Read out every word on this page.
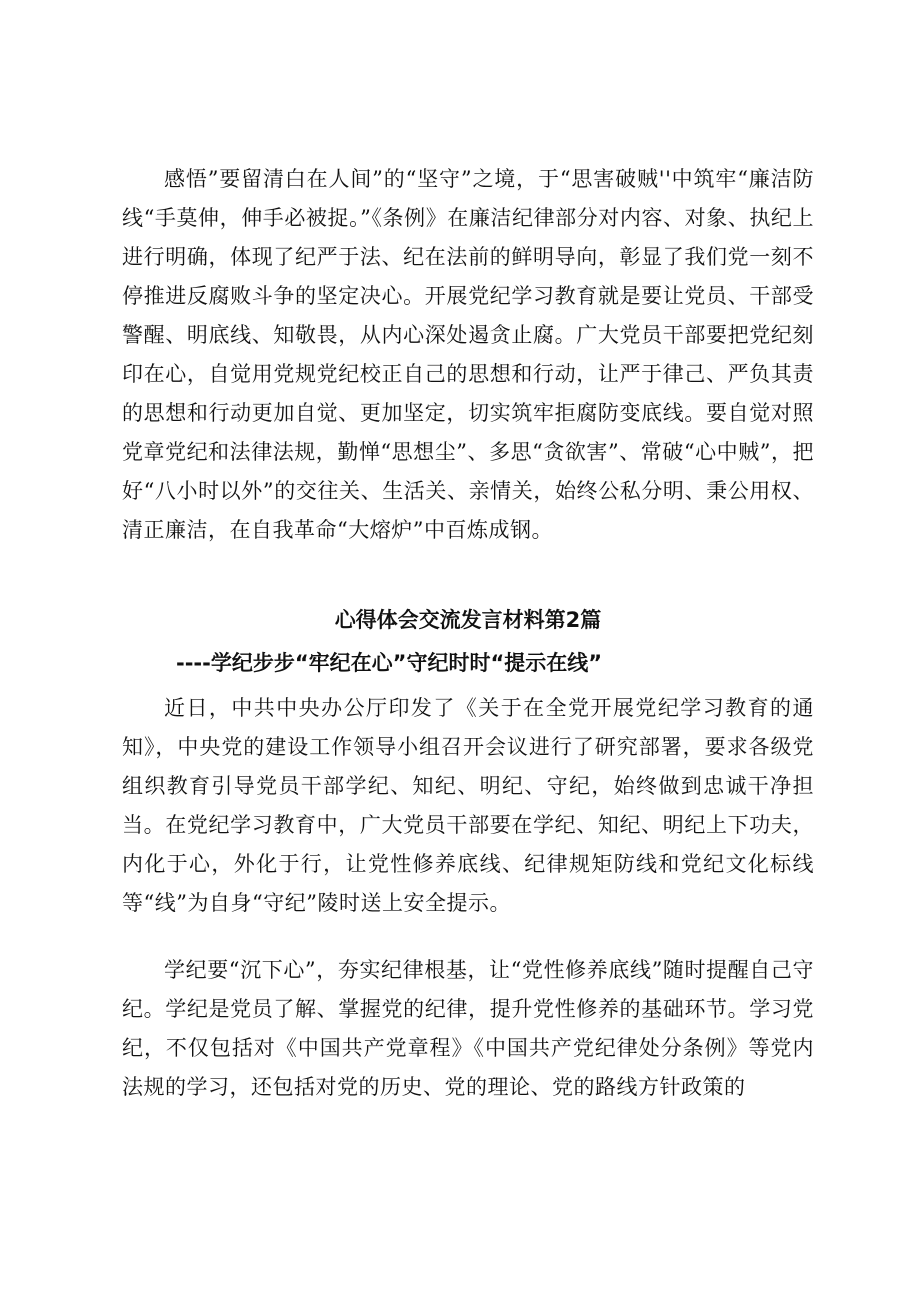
感悟”要留清白在人间”的“坚守”之境，于“思害破贼''中筑牢“廉洁防线“手莫伸，伸手必被捉。”《条例》在廉洁纪律部分对内容、对象、执纪上进行明确，体现了纪严于法、纪在法前的鲜明导向，彰显了我们党一刻不停推进反腐败斗争的坚定决心。开展党纪学习教育就是要让党员、干部受警醒、明底线、知敬畏，从内心深处遏贪止腐。广大党员干部要把党纪刻印在心，自觉用党规党纪校正自己的思想和行动，让严于律己、严负其责的思想和行动更加自觉、更加坚定，切实筑牢拒腐防变底线。要自觉对照党章党纪和法律法规，勤惮“思想尘”、多思“贪欲害”、常破“心中贼”，把好“八小时以外”的交往关、生活关、亲情关，始终公私分明、秉公用权、清正廉洁，在自我革命“大熔炉”中百炼成钢。

心得体会交流发言材料第2篇
----学纪步步“牢纪在心”守纪时时“提示在线”

近日，中共中央办公厅印发了《关于在全党开展党纪学习教育的通知》，中央党的建设工作领导小组召开会议进行了研究部署，要求各级党组织教育引导党员干部学纪、知纪、明纪、守纪，始终做到忠诚干净担当。在党纪学习教育中，广大党员干部要在学纪、知纪、明纪上下功夫，内化于心，外化于行，让党性修养底线、纪律规矩防线和党纪文化标线等“线”为自身“守纪”陵时送上安全提示。

学纪要“沉下心”，夯实纪律根基，让“党性修养底线”随时提醒自己守纪。学纪是党员了解、掌握党的纪律，提升党性修养的基础环节。学习党纪，不仅包括对《中国共产党章程》《中国共产党纪律处分条例》等党内法规的学习，还包括对党的历史、党的理论、党的路线方针政策的
